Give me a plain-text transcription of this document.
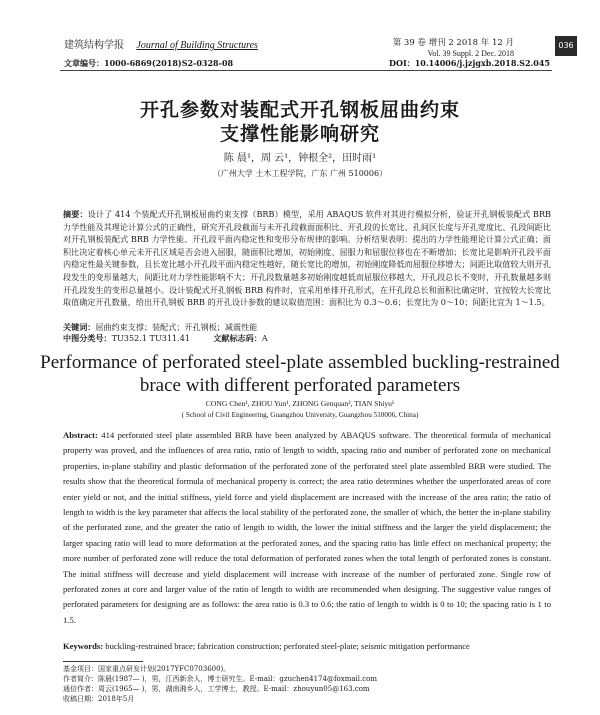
建筑结构学报 Journal of Building Structures
文章编号：1000-6869(2018)S2-0328-08
第 39 卷 增刊 2 2018 年 12 月
Vol. 39 Suppl. 2 Dec. 2018
DOI：10.14006/j.jzjgxb.2018.S2.045
036
开孔参数对装配式开孔钢板屈曲约束
支撑性能影响研究
陈 晨¹，周 云¹，钟根全²，田时雨¹
（广州大学 土木工程学院，广东 广州 510006）
摘要：设计了 414 个装配式开孔钢板屈曲约束支撑（BRB）模型，采用 ABAQUS 软件对其进行模拟分析，验证开孔钢板装配式 BRB 力学性能及其理论计算公式的正确性，研究开孔段截面与未开孔段截面面积比、开孔段的长宽比、孔间区长度与开孔宽度比、孔段间距比对开孔钢板装配式 BRB 力学性能、开孔段平面内稳定性和变形分布规律的影响。分析结果表明：提出的力学性能理论计算公式正确；面积比决定着核心单元未开孔区域是否会进入屈服，随面积比增加，初始刚度、屈服力和屈服位移也在不断增加；长宽比是影响开孔段平面内稳定性最关键参数，且长宽比越小开孔段平面内稳定性越好，随长宽比的增加，初始刚度降低而屈服位移增大；间距比取值较大则开孔段发生的变形量越大，间距比对力学性能影响不大；开孔段数量越多初始刚度越低而屈服位移越大，开孔段总长不变时，开孔数量越多则开孔段发生的变形总量越小。设计装配式开孔钢板 BRB 构件时，宜采用单排开孔形式，在开孔段总长和面积比确定时，宜按较大长宽比取值确定开孔数量，给出开孔钢板 BRB 的开孔设计参数的建议取值范围：面积比为 0.3～0.6；长宽比为 0～10；间距比宜为 1～1.5。
关键词：屈曲约束支撑；装配式；开孔钢板；减震性能
中图分类号：TU352.1 TU311.41	文献标志码：A
Performance of perforated steel-plate assembled buckling-restrained
brace with different perforated parameters
CONG Chen¹, ZHOU Yun¹, ZHONG Genquan², TIAN Shiyu¹
( School of Civil Engineering, Guangzhou University, Guangzhou 510006, China)
Abstract: 414 perforated steel plate assembled BRB have been analyzed by ABAQUS software. The theoretical formula of mechanical property was proved, and the influences of area ratio, ratio of length to width, spacing ratio and number of perforated zone on mechanical properties, in-plane stability and plastic deformation of the perforated zone of the perforated steel plate assembled BRB were studied. The results show that the theoretical formula of mechanical property is correct; the area ratio determines whether the unperforated areas of core enter yield or not, and the initial stiffness, yield force and yield displacement are increased with the increase of the area ratio; the ratio of length to width is the key parameter that affects the local stability of the perforated zone, the smaller of which, the better the in-plane stability of the perforated zone, and the greater the ratio of length to width, the lower the initial stiffness and the larger the yield displacement; the larger spacing ratio will lead to more deformation at the perforated zones, and the spacing ratio has little effect on mechanical property; the more number of perforated zone will reduce the total deformation of perforated zones when the total length of perforated zones is constant. The initial stiffness will decrease and yield displacement will increase with increase of the number of perforated zone. Single row of perforated zones at core and larger value of the ratio of length to width are recommended when designing. The suggestive value ranges of perforated parameters for designing are as follows: the area ratio is 0.3 to 0.6; the ratio of length to width is 0 to 10; the spacing ratio is 1 to 1.5.
Keywords: buckling-restrained brace; fabrication construction; perforated steel-plate; seismic mitigation performance
基金项目：国家重点研发计划(2017YFC0703600)。
作者简介：陈晨(1987— )，男，江西新余人，博士研究生。E-mail：gzuchen4174@foxmail.com
通信作者：周云(1965— )，男，湖南湘乡人，工学博士，教授。E-mail：zhouyun05@163.com
收稿日期：2018年5月
